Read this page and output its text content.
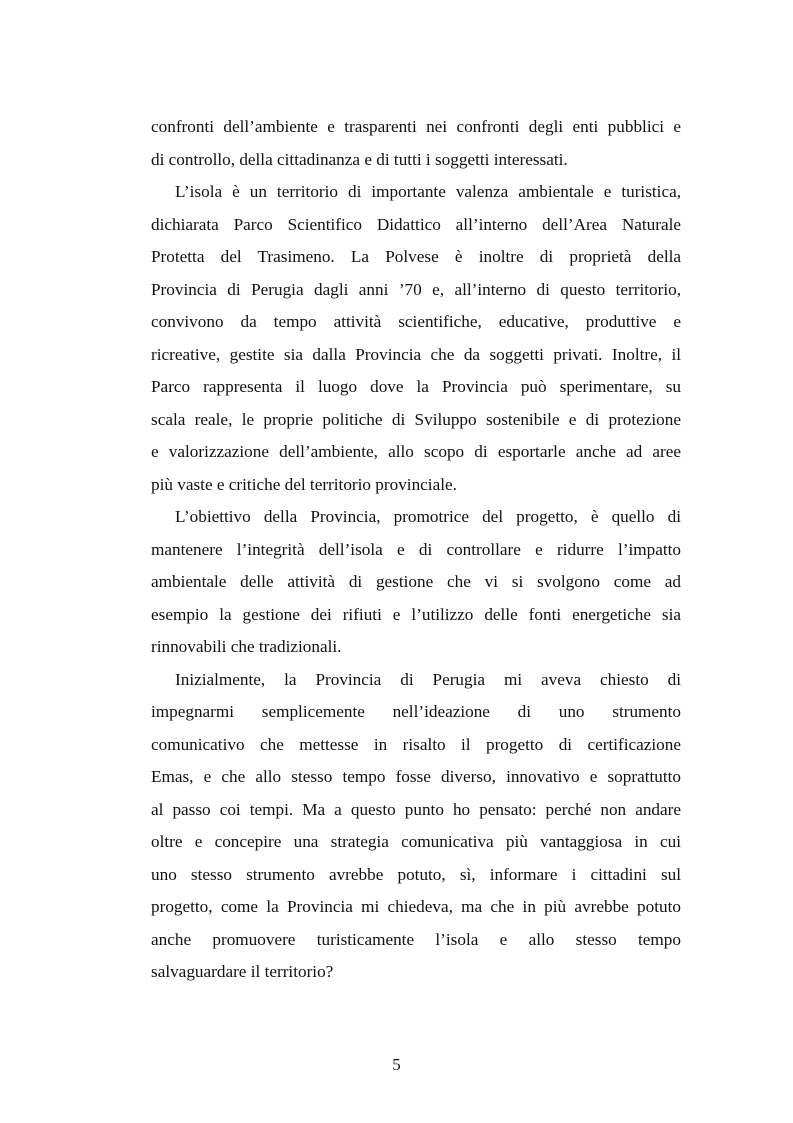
confronti dell’ambiente e trasparenti nei confronti degli enti pubblici e
di controllo, della cittadinanza e di tutti i soggetti interessati.
L’isola è un territorio di importante valenza ambientale e turistica,
dichiarata Parco Scientifico Didattico all’interno dell’Area Naturale
Protetta del Trasimeno. La Polvese è inoltre di proprietà della
Provincia di Perugia dagli anni ’70 e, all’interno di questo territorio,
convivono da tempo attività scientifiche, educative, produttive e
ricreative, gestite sia dalla Provincia che da soggetti privati. Inoltre, il
Parco rappresenta il luogo dove la Provincia può sperimentare, su
scala reale, le proprie politiche di Sviluppo sostenibile e di protezione
e valorizzazione dell’ambiente, allo scopo di esportarle anche ad aree
più vaste e critiche del territorio provinciale.
L’obiettivo della Provincia, promotrice del progetto, è quello di
mantenere l’integrità dell’isola e di controllare e ridurre l’impatto
ambientale delle attività di gestione che vi si svolgono come ad
esempio la gestione dei rifiuti e l’utilizzo delle fonti energetiche sia
rinnovabili che tradizionali.
Inizialmente, la Provincia di Perugia mi aveva chiesto di
impegnarmi semplicemente nell’ideazione di uno strumento
comunicativo che mettesse in risalto il progetto di certificazione
Emas, e che allo stesso tempo fosse diverso, innovativo e soprattutto
al passo coi tempi. Ma a questo punto ho pensato: perché non andare
oltre e concepire una strategia comunicativa più vantaggiosa in cui
uno stesso strumento avrebbe potuto, sì, informare i cittadini sul
progetto, come la Provincia mi chiedeva, ma che in più avrebbe potuto
anche promuovere turisticamente l’isola e allo stesso tempo
salvaguardare il territorio?
5
